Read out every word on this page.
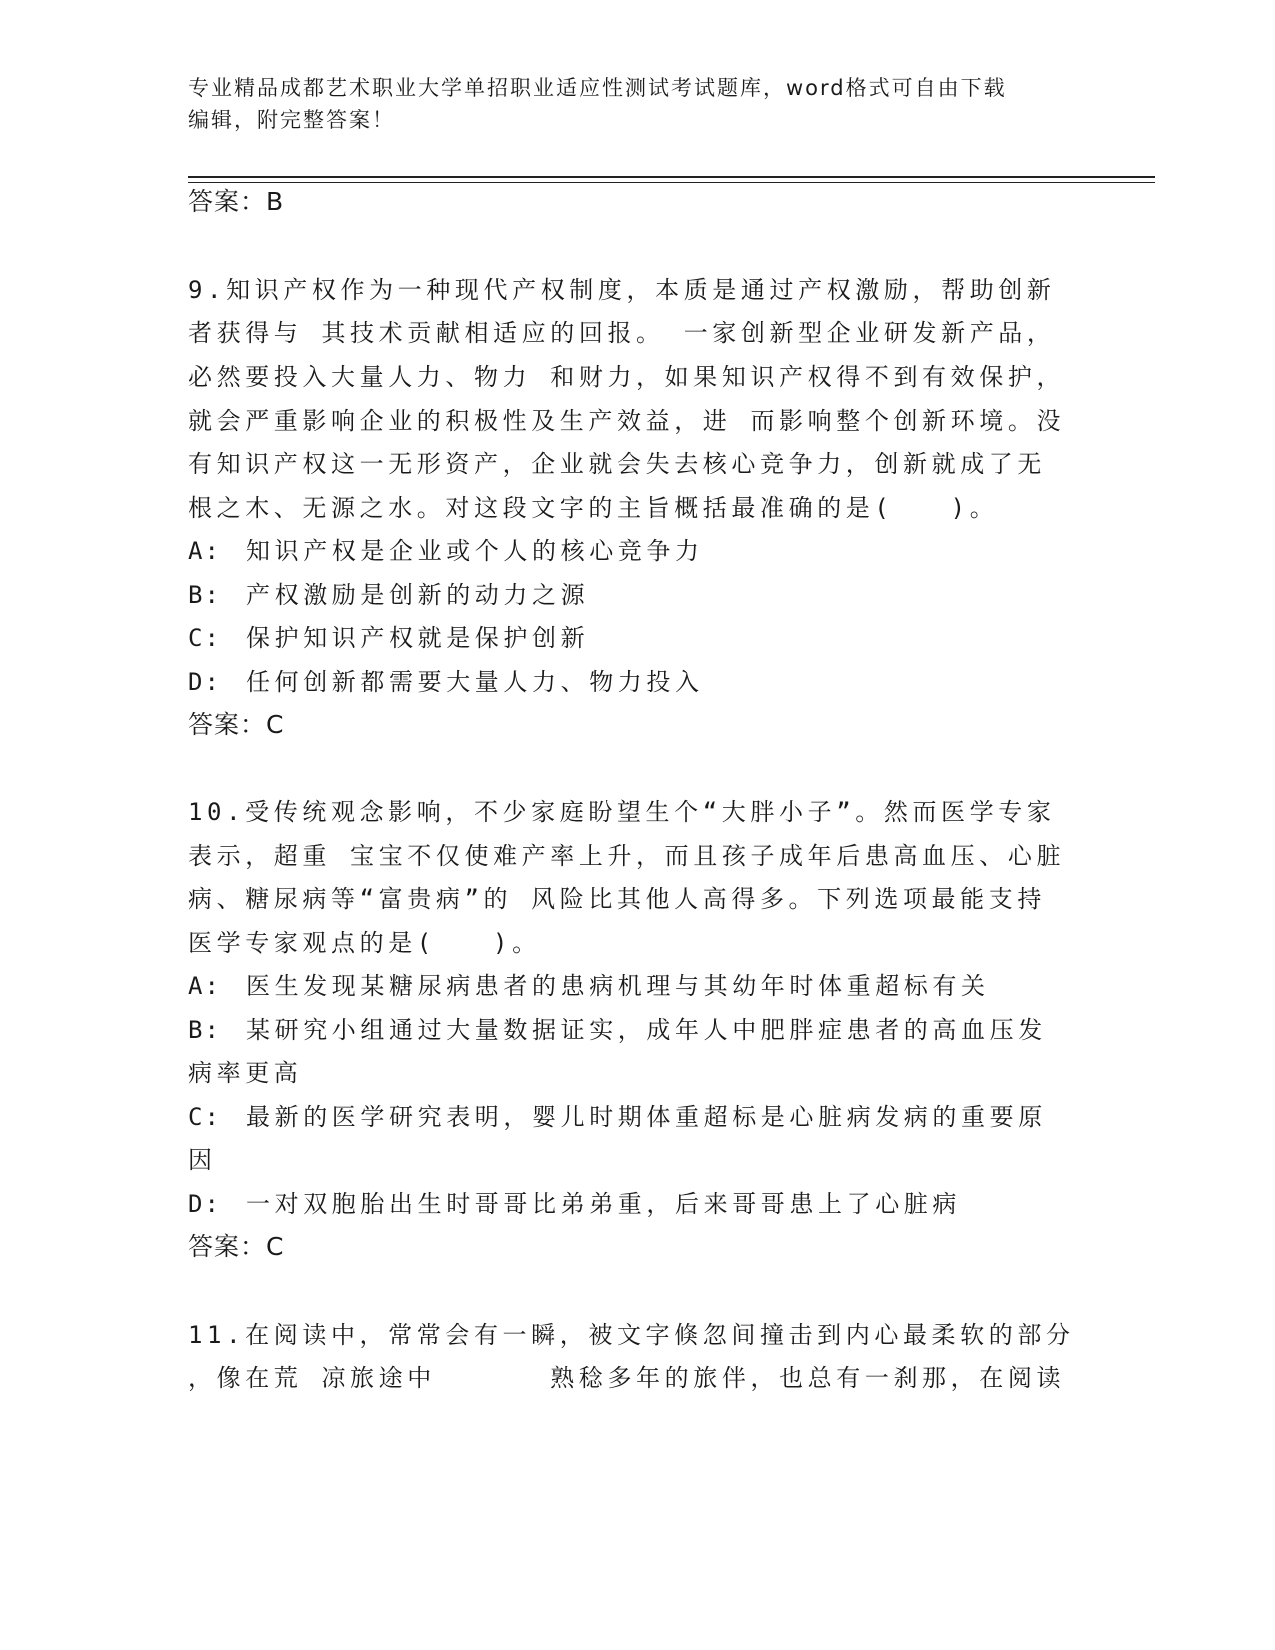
专业精品成都艺术职业大学单招职业适应性测试考试题库，word格式可自由下载
编辑，附完整答案！
答案：B
9.知识产权作为一种现代产权制度，本质是通过产权激励，帮助创新
者获得与 其技术贡献相适应的回报。 一家创新型企业研发新产品，
必然要投入大量人力、物力 和财力，如果知识产权得不到有效保护，
就会严重影响企业的积极性及生产效益，进 而影响整个创新环境。没
有知识产权这一无形资产，企业就会失去核心竞争力，创新就成了无
根之木、无源之水。对这段文字的主旨概括最准确的是(　　)。
A: 知识产权是企业或个人的核心竞争力
B: 产权激励是创新的动力之源
C: 保护知识产权就是保护创新
D: 任何创新都需要大量人力、物力投入
答案：C
10.受传统观念影响，不少家庭盼望生个“大胖小子”。然而医学专家
表示，超重 宝宝不仅使难产率上升，而且孩子成年后患高血压、心脏
病、糖尿病等“富贵病”的 风险比其他人高得多。下列选项最能支持
医学专家观点的是(　　)。
A: 医生发现某糖尿病患者的患病机理与其幼年时体重超标有关
B: 某研究小组通过大量数据证实，成年人中肥胖症患者的高血压发
病率更高
C: 最新的医学研究表明，婴儿时期体重超标是心脏病发病的重要原
因
D: 一对双胞胎出生时哥哥比弟弟重，后来哥哥患上了心脏病
答案：C
11.在阅读中，常常会有一瞬，被文字倏忽间撞击到内心最柔软的部分
，像在荒 凉旅途中　　　　熟稔多年的旅伴，也总有一刹那，在阅读
